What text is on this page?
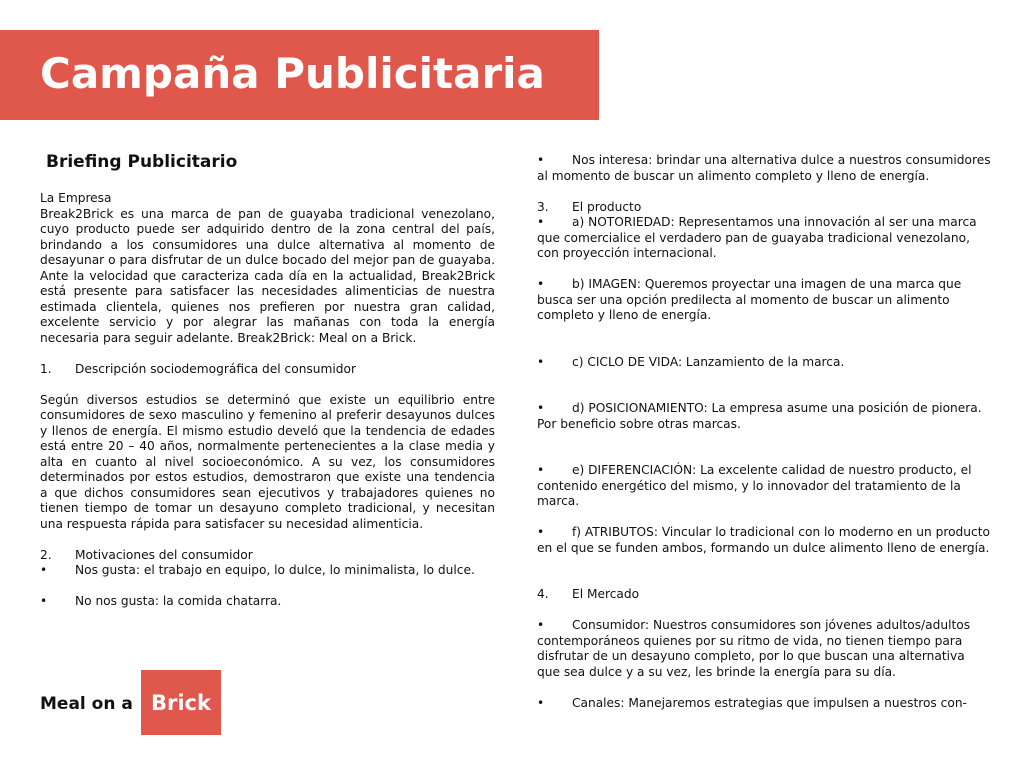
Campaña Publicitaria
Briefing Publicitario

La Empresa

Break2Brick es una marca de pan de guayaba tradicional venezolano, cuyo producto puede ser adquirido dentro de la zona central del país, brindando a los consumidores una dulce alternativa al momento de desayunar o para disfrutar de un dulce bocado del mejor pan de guayaba. Ante la velocidad que caracteriza cada día en la actualidad, Break2Brick está presente para satisfacer las necesidades alimenticias de nuestra estimada clientela, quienes nos prefieren por nuestra gran calidad, excelente servicio y por alegrar las mañanas con toda la energía necesaria para seguir adelante. Break2Brick: Meal on a Brick.

1.	Descripción sociodemográfica del consumidor

Según diversos estudios se determinó que existe un equilibrio entre consumidores de sexo masculino y femenino al preferir desayunos dulces y llenos de energía. El mismo estudio develó que la tendencia de edades está entre 20 – 40 años, normalmente pertenecientes a la clase media y alta en cuanto al nivel socioeconómico. A su vez, los consumidores determinados por estos estudios, demostraron que existe una tendencia a que dichos consumidores sean ejecutivos y trabajadores quienes no tienen tiempo de tomar un desayuno completo tradicional, y necesitan una respuesta rápida para satisfacer su necesidad alimenticia.

2.	Motivaciones del consumidor

• Nos gusta: el trabajo en equipo, lo dulce, lo minimalista, lo dulce.

• No nos gusta: la comida chatarra.

• Nos interesa: brindar una alternativa dulce a nuestros consumidores al momento de buscar un alimento completo y lleno de energía.

3.	El producto

• a) NOTORIEDAD: Representamos una innovación al ser una marca que comercialice el verdadero pan de guayaba tradicional venezolano, con proyección internacional.

• b) IMAGEN: Queremos proyectar una imagen de una marca que busca ser una opción predilecta al momento de buscar un alimento completo y lleno de energía.

• c) CICLO DE VIDA: Lanzamiento de la marca.

• d) POSICIONAMIENTO: La empresa asume una posición de pionera. Por beneficio sobre otras marcas.

• e) DIFERENCIACIÓN: La excelente calidad de nuestro producto, el contenido energético del mismo, y lo innovador del tratamiento de la marca.

• f) ATRIBUTOS: Vincular lo tradicional con lo moderno en un producto en el que se funden ambos, formando un dulce alimento lleno de energía.

4.	El Mercado

• Consumidor: Nuestros consumidores son jóvenes adultos/adultos contemporáneos quienes por su ritmo de vida, no tienen tiempo para disfrutar de un desayuno completo, por lo que buscan una alternativa que sea dulce y a su vez, les brinde la energía para su día.

• Canales: Manejaremos estrategias que impulsen a nuestros con-

Meal on a Brick
